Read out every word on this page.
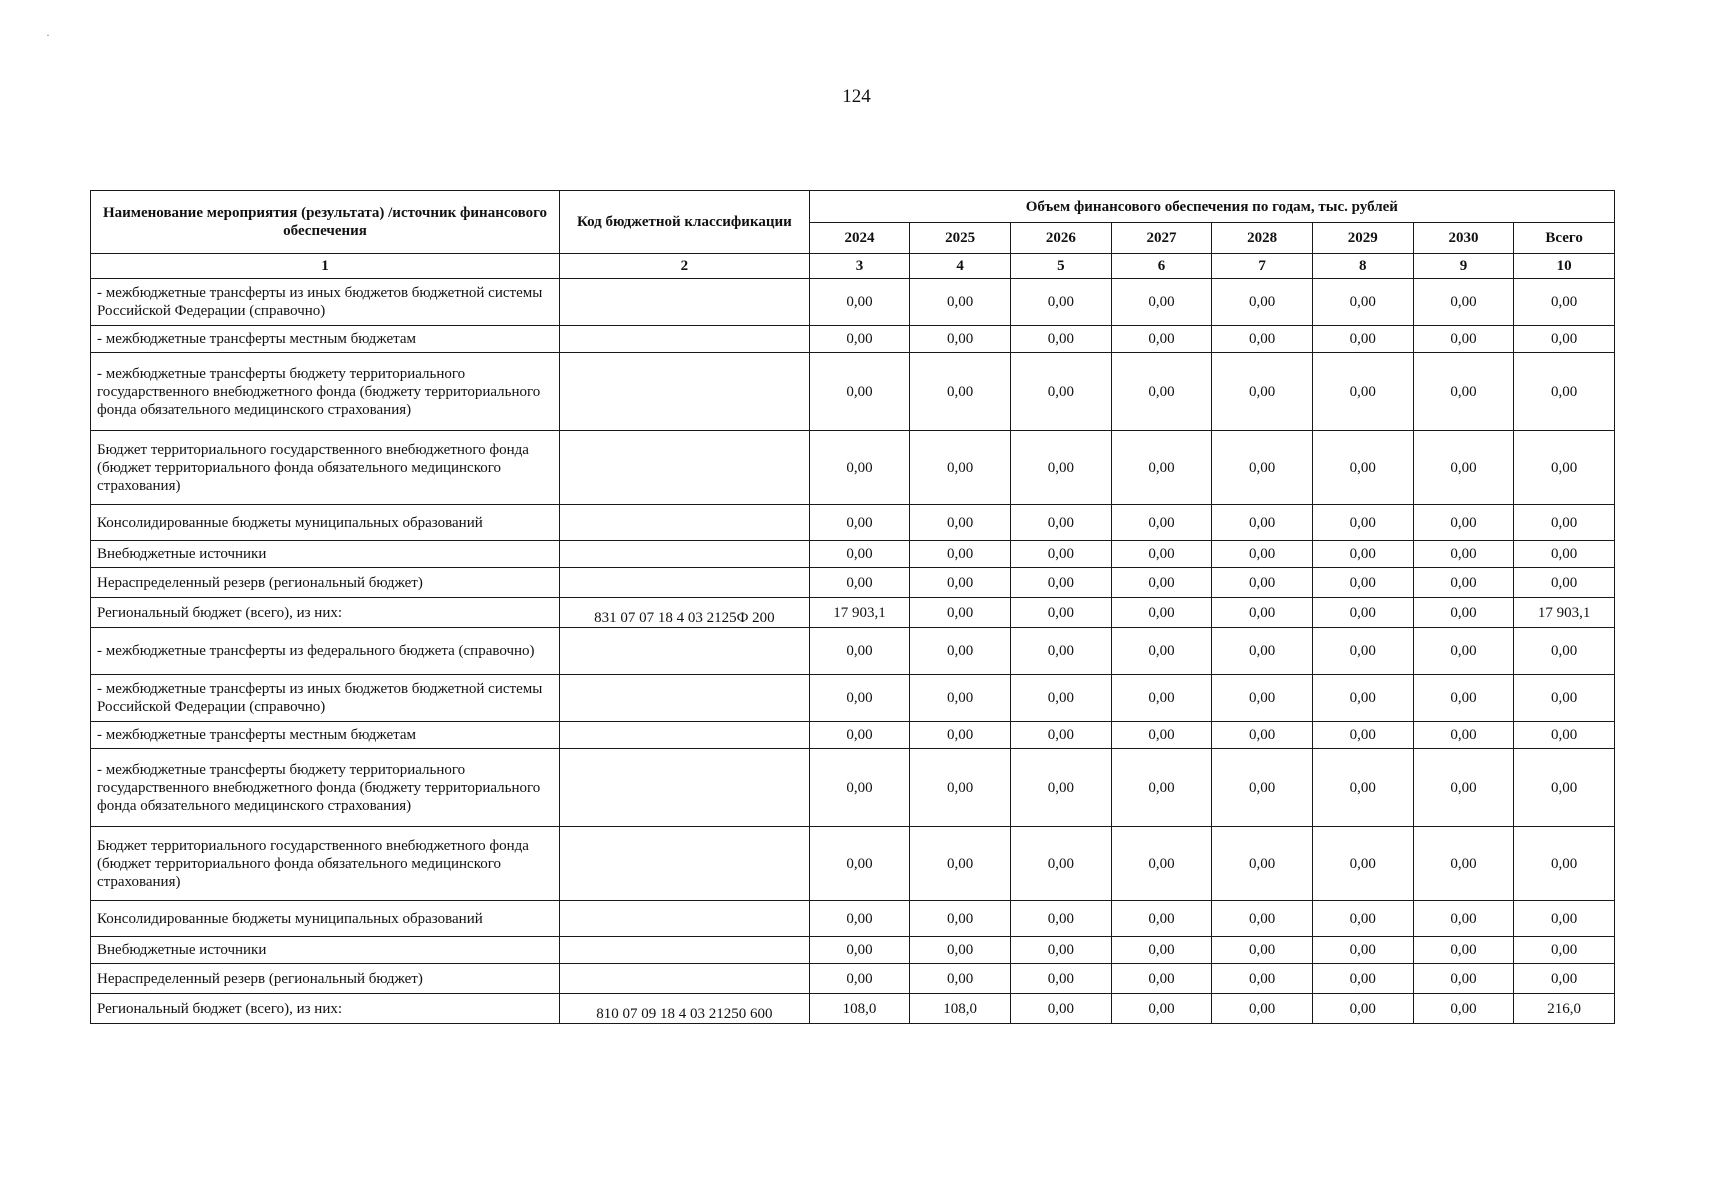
124
Наименование мероприятия (результата) /источник финансового обеспечения	Код бюджетной классификации	Объем финансового обеспечения по годам, тыс. рублей							
		2024	2025	2026	2027	2028	2029	2030	Всего
1	2	3	4	5	6	7	8	9	10
- межбюджетные трансферты из иных бюджетов бюджетной системы Российской Федерации (справочно)		0,00	0,00	0,00	0,00	0,00	0,00	0,00	0,00
- межбюджетные трансферты местным бюджетам		0,00	0,00	0,00	0,00	0,00	0,00	0,00	0,00
- межбюджетные трансферты бюджету территориального государственного внебюджетного фонда (бюджету территориального фонда обязательного медицинского страхования)		0,00	0,00	0,00	0,00	0,00	0,00	0,00	0,00
Бюджет территориального государственного внебюджетного фонда (бюджет территориального фонда обязательного медицинского страхования)		0,00	0,00	0,00	0,00	0,00	0,00	0,00	0,00
Консолидированные бюджеты муниципальных образований		0,00	0,00	0,00	0,00	0,00	0,00	0,00	0,00
Внебюджетные источники		0,00	0,00	0,00	0,00	0,00	0,00	0,00	0,00
Нераспределенный резерв (региональный бюджет)		0,00	0,00	0,00	0,00	0,00	0,00	0,00	0,00
Региональный бюджет (всего), из них:	831 07 07 18 4 03 2125Ф 200	17 903,1	0,00	0,00	0,00	0,00	0,00	0,00	17 903,1
- межбюджетные трансферты из федерального бюджета (справочно)		0,00	0,00	0,00	0,00	0,00	0,00	0,00	0,00
- межбюджетные трансферты из иных бюджетов бюджетной системы Российской Федерации (справочно)		0,00	0,00	0,00	0,00	0,00	0,00	0,00	0,00
- межбюджетные трансферты местным бюджетам		0,00	0,00	0,00	0,00	0,00	0,00	0,00	0,00
- межбюджетные трансферты бюджету территориального государственного внебюджетного фонда (бюджету территориального фонда обязательного медицинского страхования)		0,00	0,00	0,00	0,00	0,00	0,00	0,00	0,00
Бюджет территориального государственного внебюджетного фонда (бюджет территориального фонда обязательного медицинского страхования)		0,00	0,00	0,00	0,00	0,00	0,00	0,00	0,00
Консолидированные бюджеты муниципальных образований		0,00	0,00	0,00	0,00	0,00	0,00	0,00	0,00
Внебюджетные источники		0,00	0,00	0,00	0,00	0,00	0,00	0,00	0,00
Нераспределенный резерв (региональный бюджет)		0,00	0,00	0,00	0,00	0,00	0,00	0,00	0,00
Региональный бюджет (всего), из них:	810 07 09 18 4 03 21250 600	108,0	108,0	0,00	0,00	0,00	0,00	0,00	216,0
·
